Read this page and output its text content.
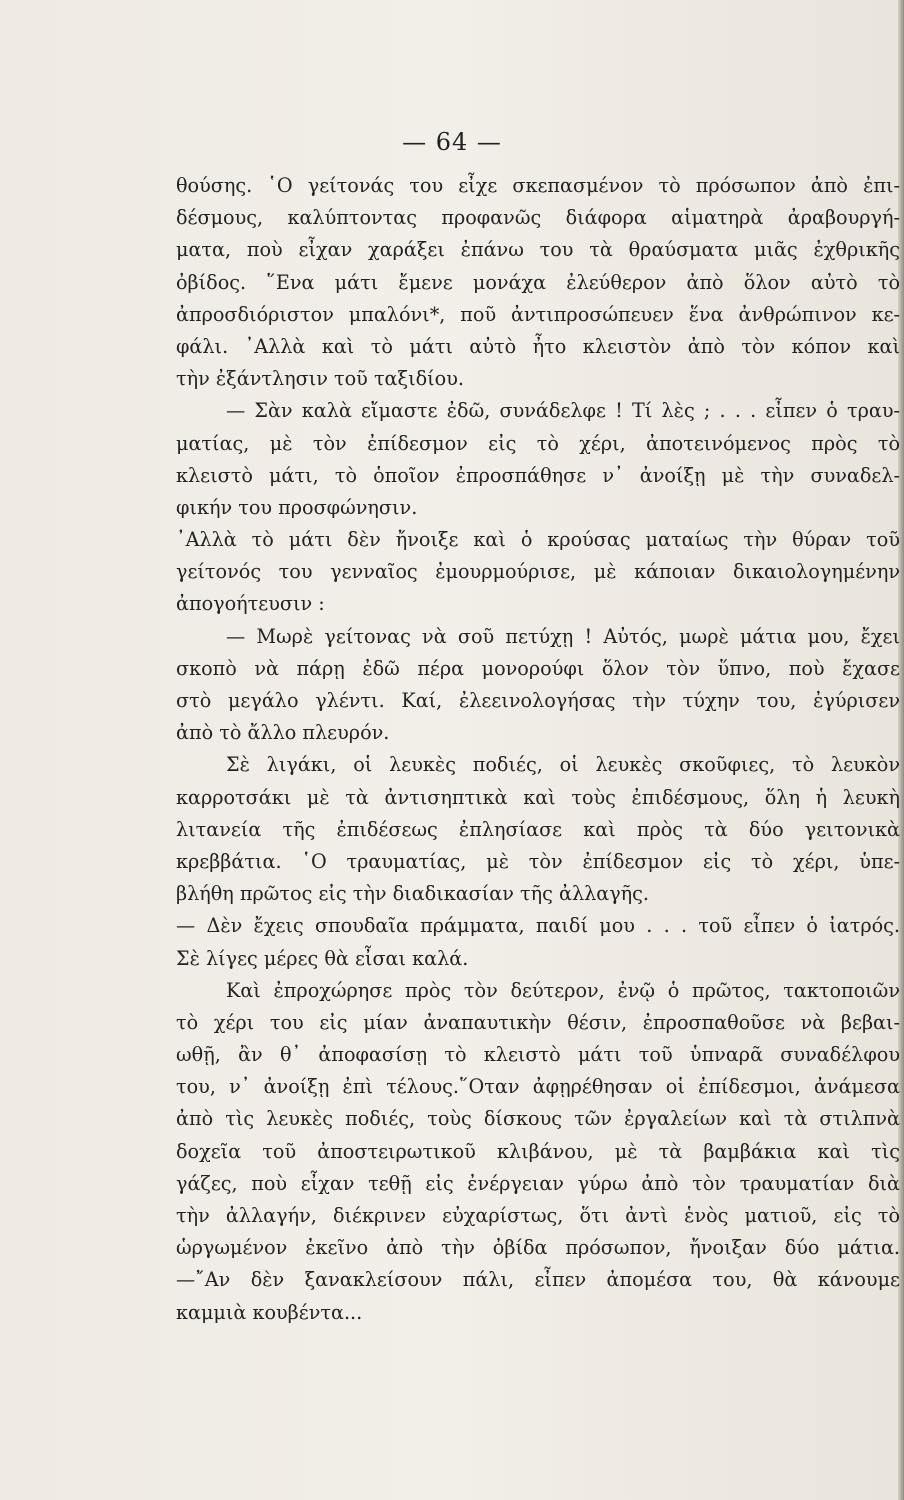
— 64 —
θούσης. ῾Ο γείτονάς του εἶχε σκεπασμένον τὸ πρόσωπον ἀπὸ ἐπι-
δέσμους, καλύπτοντας προφανῶς διάφορα αἱματηρὰ ἀραβουργή-
ματα, ποὺ εἶχαν χαράξει ἐπάνω του τὰ θραύσματα μιᾶς ἐχθρικῆς
ὀβίδος. ῞Ενα μάτι ἔμενε μονάχα ἐλεύθερον ἀπὸ ὅλον αὐτὸ τὸ
ἀπροσδιόριστον μπαλόνι*, ποῦ ἀντιπροσώπευεν ἕνα ἀνθρώπινον κε-
φάλι. ᾿Αλλὰ καὶ τὸ μάτι αὐτὸ ἦτο κλειστὸν ἀπὸ τὸν κόπον καὶ
τὴν ἐξάντλησιν τοῦ ταξιδίου.
— Σὰν καλὰ εἴμαστε ἐδῶ, συνάδελφε ! Τί λὲς ; . . . εἶπεν ὁ τραυ-
ματίας, μὲ τὸν ἐπίδεσμον εἰς τὸ χέρι, ἀποτεινόμενος πρὸς τὸ
κλειστὸ μάτι, τὸ ὁποῖον ἐπροσπάθησε ν᾿ ἀνοίξῃ μὲ τὴν συναδελ-
φικήν του προσφώνησιν.
᾿Αλλὰ τὸ μάτι δὲν ἤνοιξε καὶ ὁ κρούσας ματαίως τὴν θύραν τοῦ
γείτονός του γενναῖος ἐμουρμούρισε, μὲ κάποιαν δικαιολογημένην
ἀπογοήτευσιν :
— Μωρὲ γείτονας νὰ σοῦ πετύχῃ ! Αὐτός, μωρὲ μάτια μου, ἔχει
σκοπὸ νὰ πάρῃ ἐδῶ πέρα μονορούφι ὅλον τὸν ὕπνο, ποὺ ἔχασε
στὸ μεγάλο γλέντι. Καί, ἐλεεινολογήσας τὴν τύχην του, ἐγύρισεν
ἀπὸ τὸ ἄλλο πλευρόν.
Σὲ λιγάκι, οἱ λευκὲς ποδιές, οἱ λευκὲς σκοῦφιες, τὸ λευκὸν
καρροτσάκι μὲ τὰ ἀντισηπτικὰ καὶ τοὺς ἐπιδέσμους, ὅλη ἡ λευκὴ
λιτανεία τῆς ἐπιδέσεως ἐπλησίασε καὶ πρὸς τὰ δύο γειτονικὰ
κρεββάτια. ῾Ο τραυματίας, μὲ τὸν ἐπίδεσμον εἰς τὸ χέρι, ὑπε-
βλήθη πρῶτος εἰς τὴν διαδικασίαν τῆς ἀλλαγῆς.
— Δὲν ἔχεις σπουδαῖα πράμματα, παιδί μου . . . τοῦ εἶπεν ὁ ἰατρός.
Σὲ λίγες μέρες θὰ εἶσαι καλά.
Καὶ ἐπροχώρησε πρὸς τὸν δεύτερον, ἐνῷ ὁ πρῶτος, τακτοποιῶν
τὸ χέρι του εἰς μίαν ἀναπαυτικὴν θέσιν, ἐπροσπαθοῦσε νὰ βεβαι-
ωθῇ, ἂν θ᾿ ἀποφασίσῃ τὸ κλειστὸ μάτι τοῦ ὑπναρᾶ συναδέλφου
του, ν᾿ ἀνοίξῃ ἐπὶ τέλους.῞Οταν ἀφῃρέθησαν οἱ ἐπίδεσμοι, ἀνάμεσα
ἀπὸ τὶς λευκὲς ποδιές, τοὺς δίσκους τῶν ἐργαλείων καὶ τὰ στιλπνὰ
δοχεῖα τοῦ ἀποστειρωτικοῦ κλιβάνου, μὲ τὰ βαμβάκια καὶ τὶς
γάζες, ποὺ εἶχαν τεθῇ εἰς ἐνέργειαν γύρω ἀπὸ τὸν τραυματίαν διὰ
τὴν ἀλλαγήν, διέκρινεν εὐχαρίστως, ὅτι ἀντὶ ἑνὸς ματιοῦ, εἰς τὸ
ὡργωμένον ἐκεῖνο ἀπὸ τὴν ὀβίδα πρόσωπον, ἤνοιξαν δύο μάτια.
—῎Αν δὲν ξανακλείσουν πάλι, εἶπεν ἀπομέσα του, θὰ κάνουμε
καμμιὰ κουβέντα...
